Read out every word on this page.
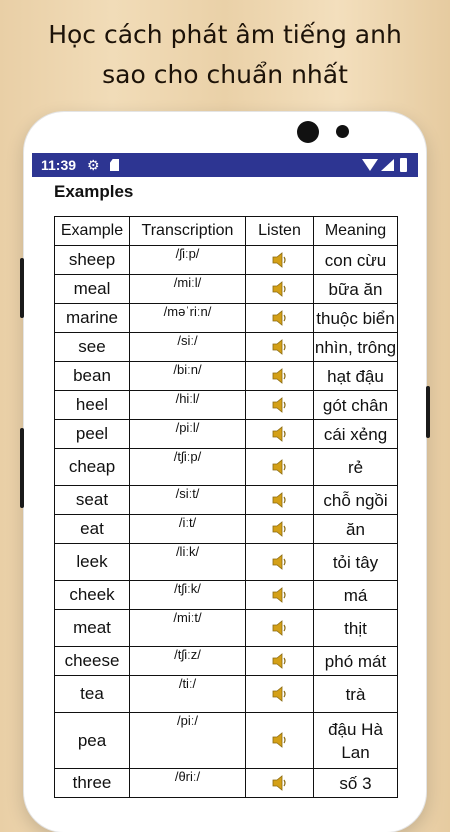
Học cách phát âm tiếng anh
sao cho chuẩn nhất
11:39 ⚙
Examples
Example	Transcription	Listen	Meaning
sheep	/ʃiːp/		con cừu
meal	/miːl/		bữa ăn
marine	/məˈriːn/		thuộc biển
see	/siː/		nhìn, trông
bean	/biːn/		hạt đậu
heel	/hiːl/		gót chân
peel	/piːl/		cái xẻng
cheap	/tʃiːp/		rẻ
seat	/siːt/		chỗ ngồi
eat	/iːt/		ăn
leek	/liːk/		tỏi tây
cheek	/tʃiːk/		má
meat	/miːt/		thịt
cheese	/tʃiːz/		phó mát
tea	/tiː/		trà
pea	/piː/		đậu Hà Lan
three	/θriː/		số 3
